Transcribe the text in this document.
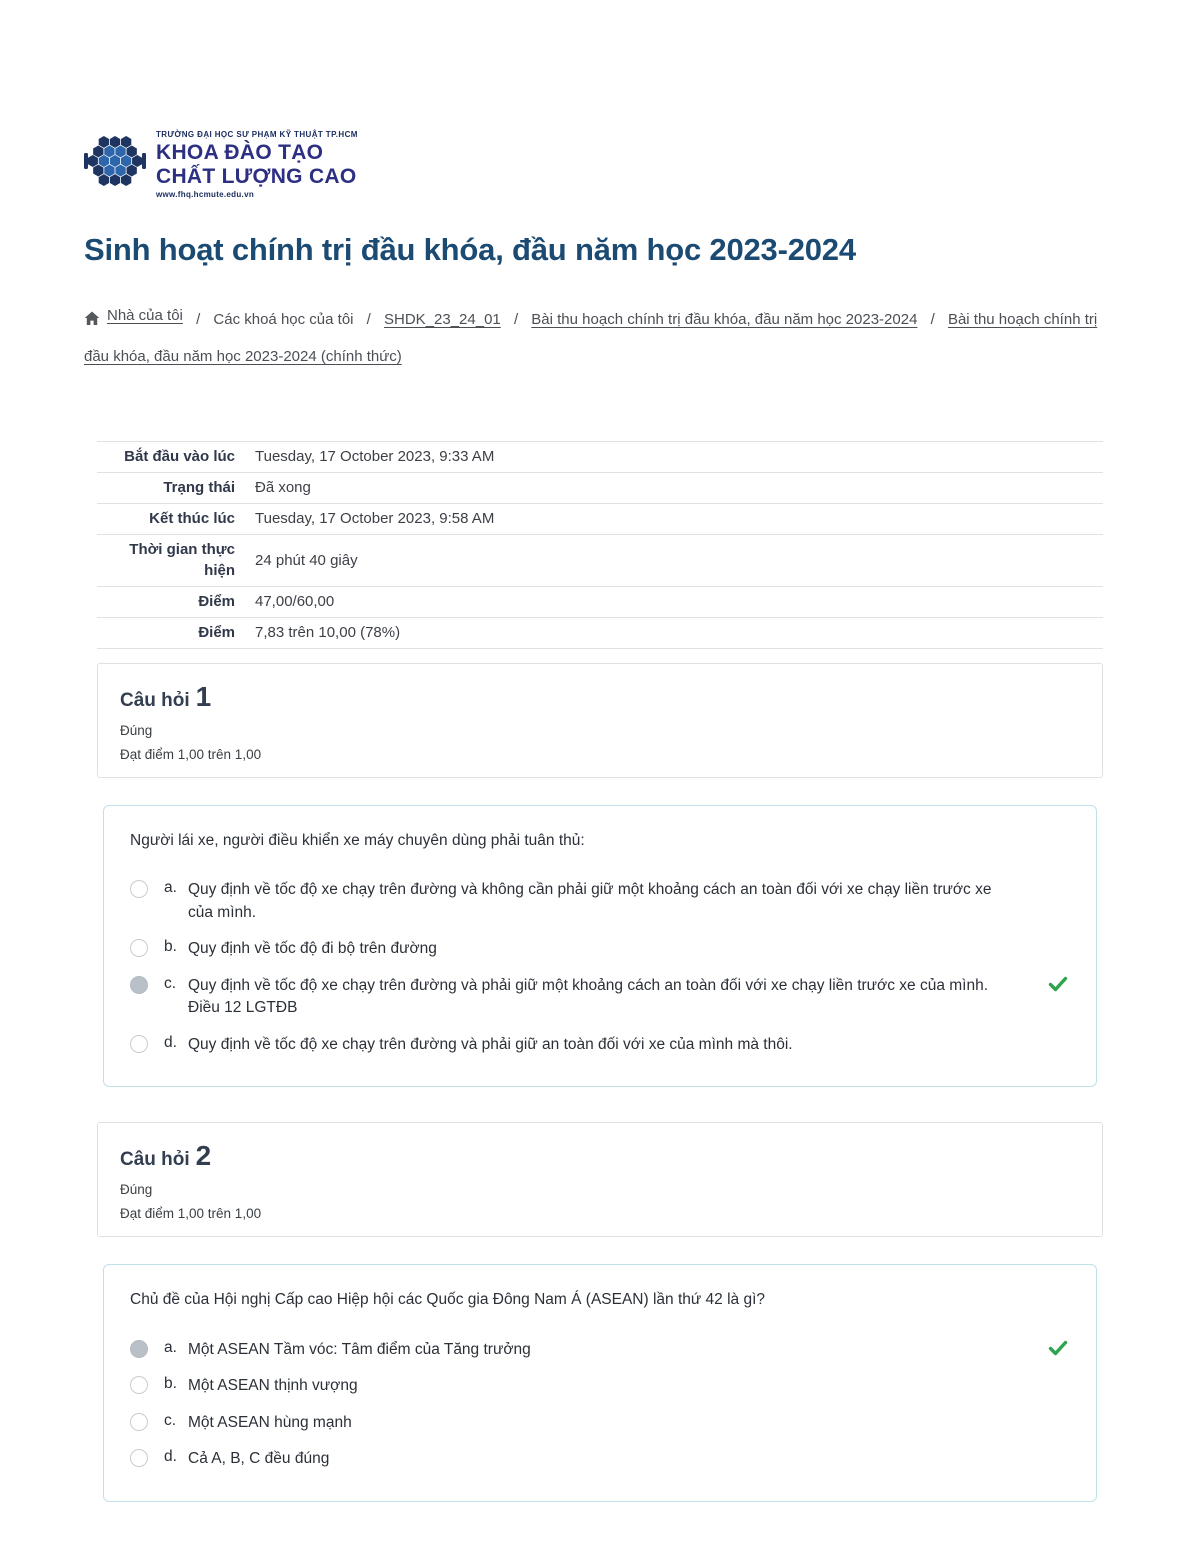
TRƯỜNG ĐẠI HỌC SƯ PHẠM KỸ THUẬT TP.HCM
KHOA ĐÀO TẠO
CHẤT LƯỢNG CAO
www.fhq.hcmute.edu.vn
Sinh hoạt chính trị đầu khóa, đầu năm học 2023-2024
Nhà của tôi / Các khoá học của tôi / SHDK_23_24_01 / Bài thu hoạch chính trị đầu khóa, đầu năm học 2023-2024 / Bài thu hoạch chính trị đầu khóa, đầu năm học 2023-2024 (chính thức)
Bắt đầu vào lúc	Tuesday, 17 October 2023, 9:33 AM
Trạng thái	Đã xong
Kết thúc lúc	Tuesday, 17 October 2023, 9:58 AM
Thời gian thực hiện	24 phút 40 giây
Điểm	47,00/60,00
Điểm	7,83 trên 10,00 (78%)
Câu hỏi 1
Đúng
Đạt điểm 1,00 trên 1,00
Người lái xe, người điều khiển xe máy chuyên dùng phải tuân thủ:
a. Quy định về tốc độ xe chạy trên đường và không cần phải giữ một khoảng cách an toàn đối với xe chạy liền trước xe của mình.
b. Quy định về tốc độ đi bộ trên đường
c. Quy định về tốc độ xe chạy trên đường và phải giữ một khoảng cách an toàn đối với xe chạy liền trước xe của mình. Điều 12 LGTĐB
d. Quy định về tốc độ xe chạy trên đường và phải giữ an toàn đối với xe của mình mà thôi.
Câu hỏi 2
Đúng
Đạt điểm 1,00 trên 1,00
Chủ đề của Hội nghị Cấp cao Hiệp hội các Quốc gia Đông Nam Á (ASEAN) lần thứ 42 là gì?
a. Một ASEAN Tầm vóc: Tâm điểm của Tăng trưởng
b. Một ASEAN thịnh vượng
c. Một ASEAN hùng mạnh
d. Cả A, B, C đều đúng
